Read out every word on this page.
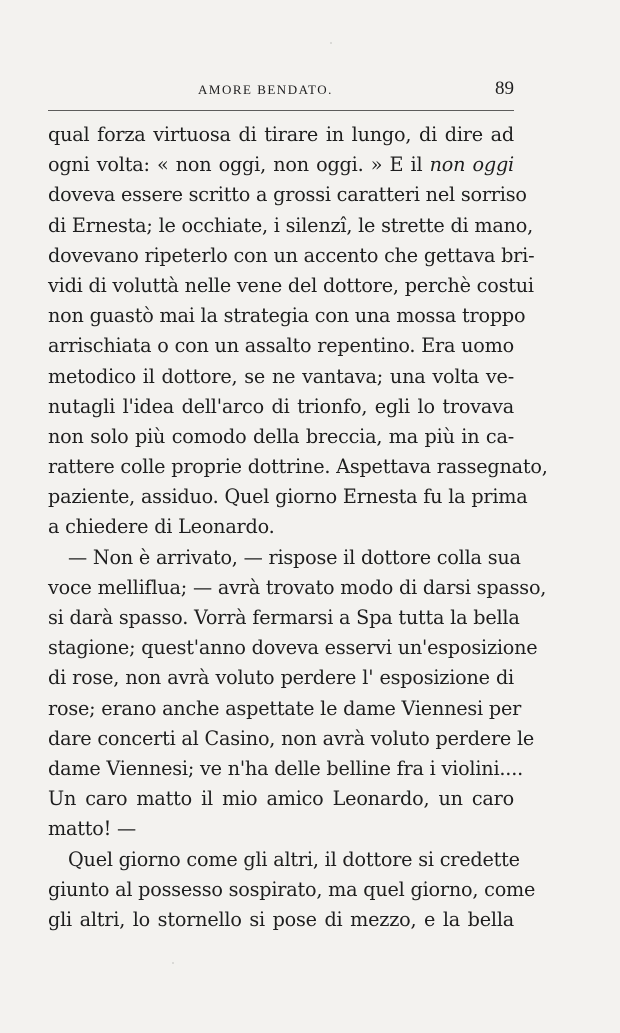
AMORE BENDATO.	89
qual forza virtuosa di tirare in lungo, di dire ad
ogni volta: « non oggi, non oggi. » E il non oggi
doveva essere scritto a grossi caratteri nel sorriso
di Ernesta; le occhiate, i silenzî, le strette di mano,
dovevano ripeterlo con un accento che gettava bri-
vidi di voluttà nelle vene del dottore, perchè costui
non guastò mai la strategia con una mossa troppo
arrischiata o con un assalto repentino. Era uomo
metodico il dottore, se ne vantava; una volta ve-
nutagli l'idea dell'arco di trionfo, egli lo trovava
non solo più comodo della breccia, ma più in ca-
rattere colle proprie dottrine. Aspettava rassegnato,
paziente, assiduo. Quel giorno Ernesta fu la prima
a chiedere di Leonardo.
— Non è arrivato, — rispose il dottore colla sua
voce melliflua; — avrà trovato modo di darsi spasso,
si darà spasso. Vorrà fermarsi a Spa tutta la bella
stagione; quest'anno doveva esservi un'esposizione
di rose, non avrà voluto perdere l' esposizione di
rose; erano anche aspettate le dame Viennesi per
dare concerti al Casino, non avrà voluto perdere le
dame Viennesi; ve n'ha delle belline fra i violini....
Un caro matto il mio amico Leonardo, un caro
matto! —
Quel giorno come gli altri, il dottore si credette
giunto al possesso sospirato, ma quel giorno, come
gli altri, lo stornello si pose di mezzo, e la bella
